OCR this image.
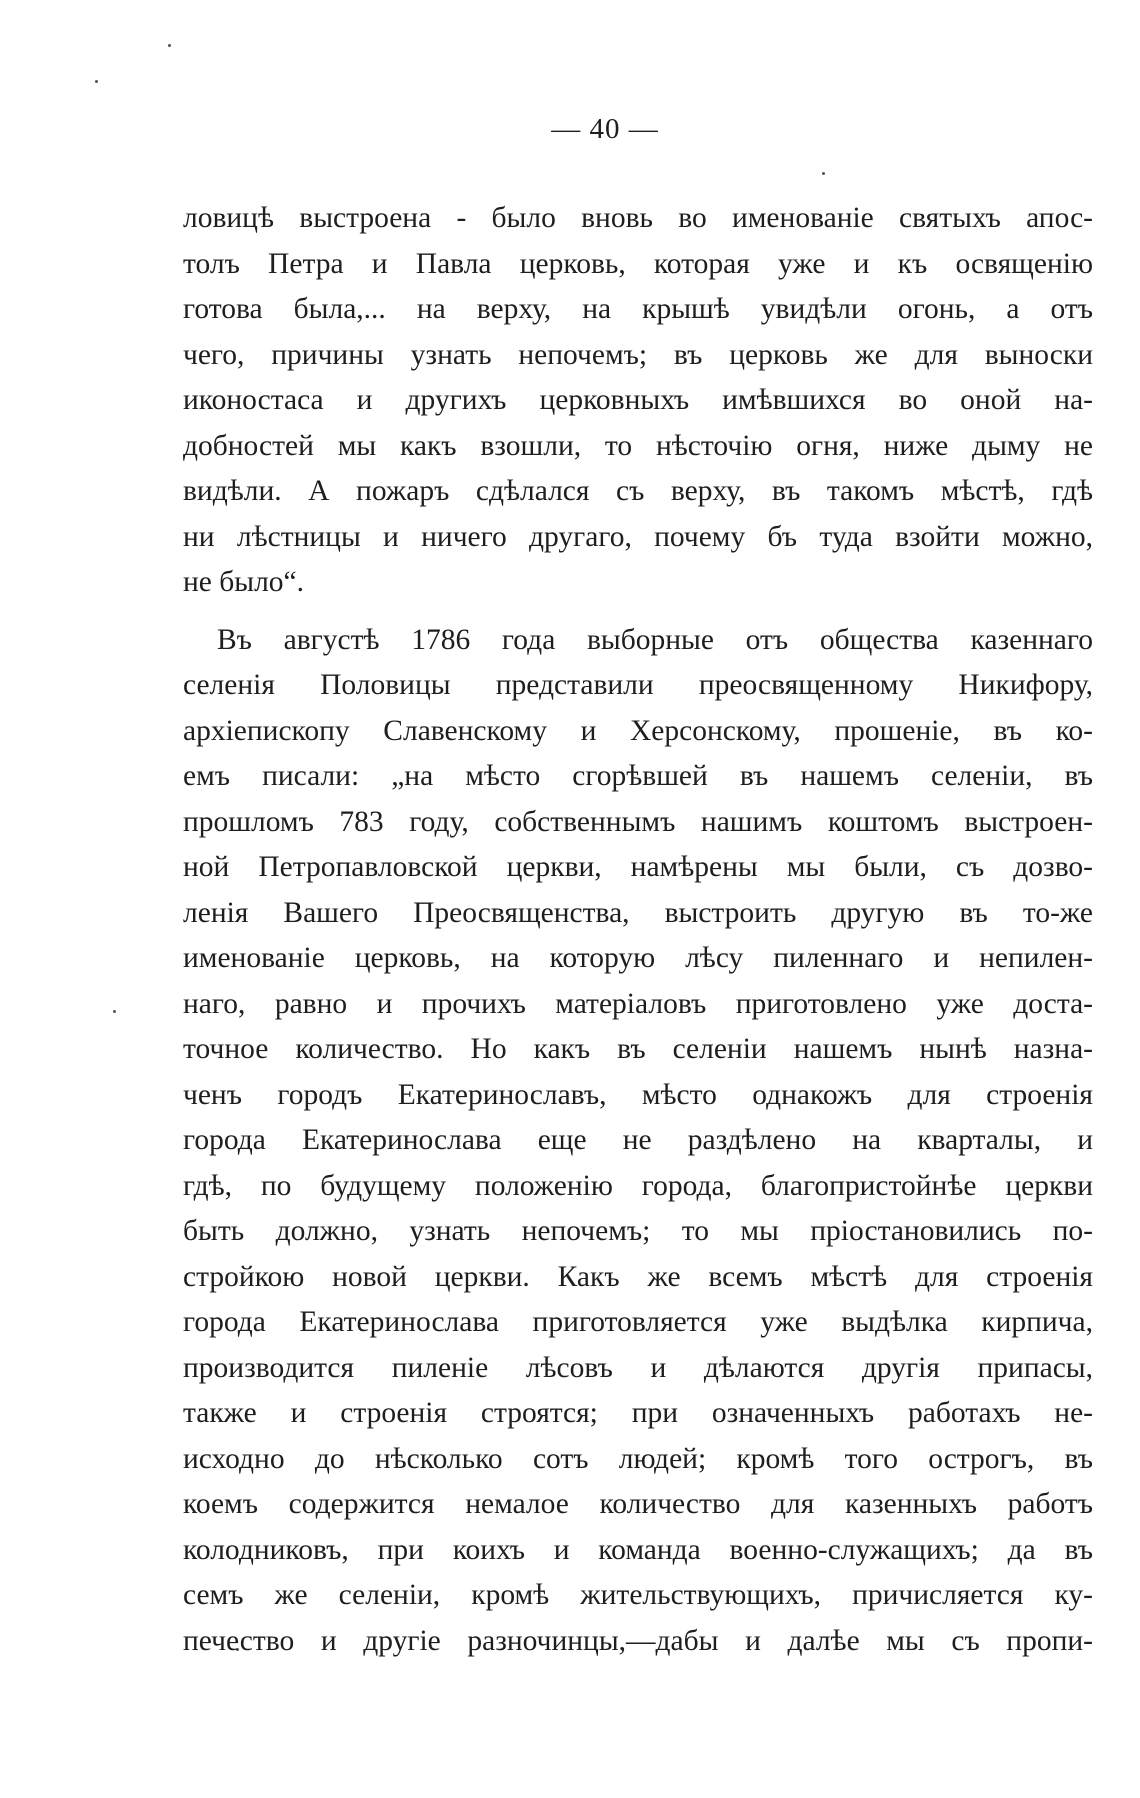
— 40 —
ловицѣ выстроена - было вновь во именованіе святыхъ апос-
толъ Петра и Павла церковь, которая уже и къ освященію
готова была,... на верху, на крышѣ увидѣли огонь, а отъ
чего, причины узнать непочемъ; въ церковь же для выноски
иконостаса и другихъ церковныхъ имѣвшихся во оной на-
добностей мы какъ взошли, то нѣсточію огня, ниже дыму не
видѣли. А пожаръ сдѣлался съ верху, въ такомъ мѣстѣ, гдѣ
ни лѣстницы и ничего другаго, почему бъ туда взойти можно,
не было“.
Въ августѣ 1786 года выборные отъ общества казеннаго
селенія Половицы представили преосвященному Никифору,
архіепископу Славенскому и Херсонскому, прошеніе, въ ко-
емъ писали: „на мѣсто сгорѣвшей въ нашемъ селеніи, въ
прошломъ 783 году, собственнымъ нашимъ коштомъ выстроен-
ной Петропавловской церкви, намѣрены мы были, съ дозво-
ленія Вашего Преосвященства, выстроить другую въ то-же
именованіе церковь, на которую лѣсу пиленнаго и непилен-
наго, равно и прочихъ матеріаловъ приготовлено уже доста-
точное количество. Но какъ въ селеніи нашемъ нынѣ назна-
ченъ городъ Екатеринославъ, мѣсто однакожъ для строенія
города Екатеринослава еще не раздѣлено на кварталы, и
гдѣ, по будущему положенію города, благопристойнѣе церкви
быть должно, узнать непочемъ; то мы пріостановились по-
стройкою новой церкви. Какъ же всемъ мѣстѣ для строенія
города Екатеринослава приготовляется уже выдѣлка кирпича,
производится пиленіе лѣсовъ и дѣлаются другія припасы,
также и строенія строятся; при означенныхъ работахъ не-
исходно до нѣсколько сотъ людей; кромѣ того острогъ, въ
коемъ содержится немалое количество для казенныхъ работъ
колодниковъ, при коихъ и команда военно-служащихъ; да въ
семъ же селеніи, кромѣ жительствующихъ, причисляется ку-
печество и другіе разночинцы,—дабы и далѣе мы съ пропи-
